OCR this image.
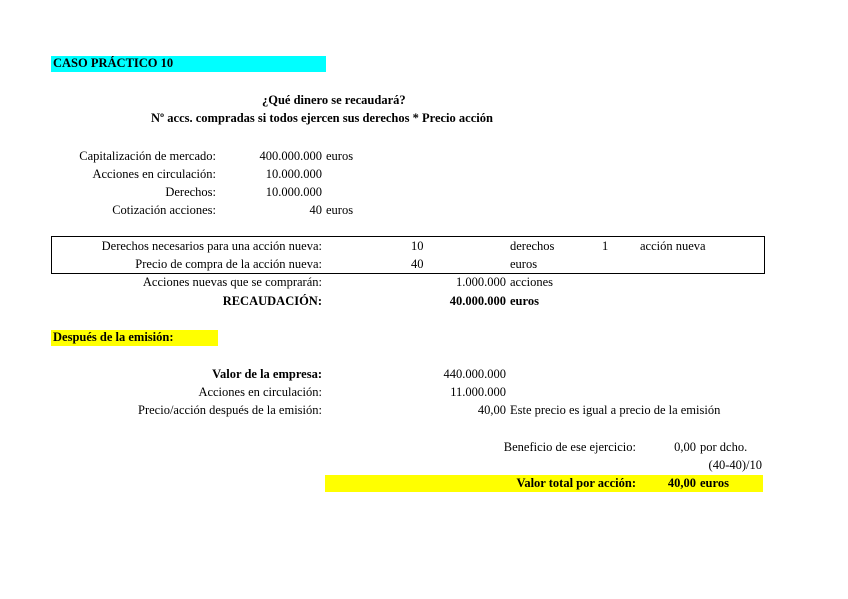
CASO PRÁCTICO 10
¿Qué dinero se recaudará?
Nº accs. compradas si todos ejercen sus derechos * Precio acción
Capitalización de mercado:	400.000.000 euros
Acciones en circulación:	10.000.000
Derechos:	10.000.000
Cotización acciones:	40 euros
Derechos necesarios para una acción nueva:	10	derechos	1	acción nueva
Precio de compra de la acción nueva:	40	euros
Acciones nuevas que se comprarán:	1.000.000 acciones
RECAUDACIÓN:	40.000.000 euros
Después de la emisión:
Valor de la empresa:	440.000.000
Acciones en circulación:	11.000.000
Precio/acción después de la emisión:	40,00 Este precio es igual a precio de la emisión
Beneficio de ese ejercicio:	0,00 por dcho.
(40-40)/10
Valor total por acción:	40,00 euros
